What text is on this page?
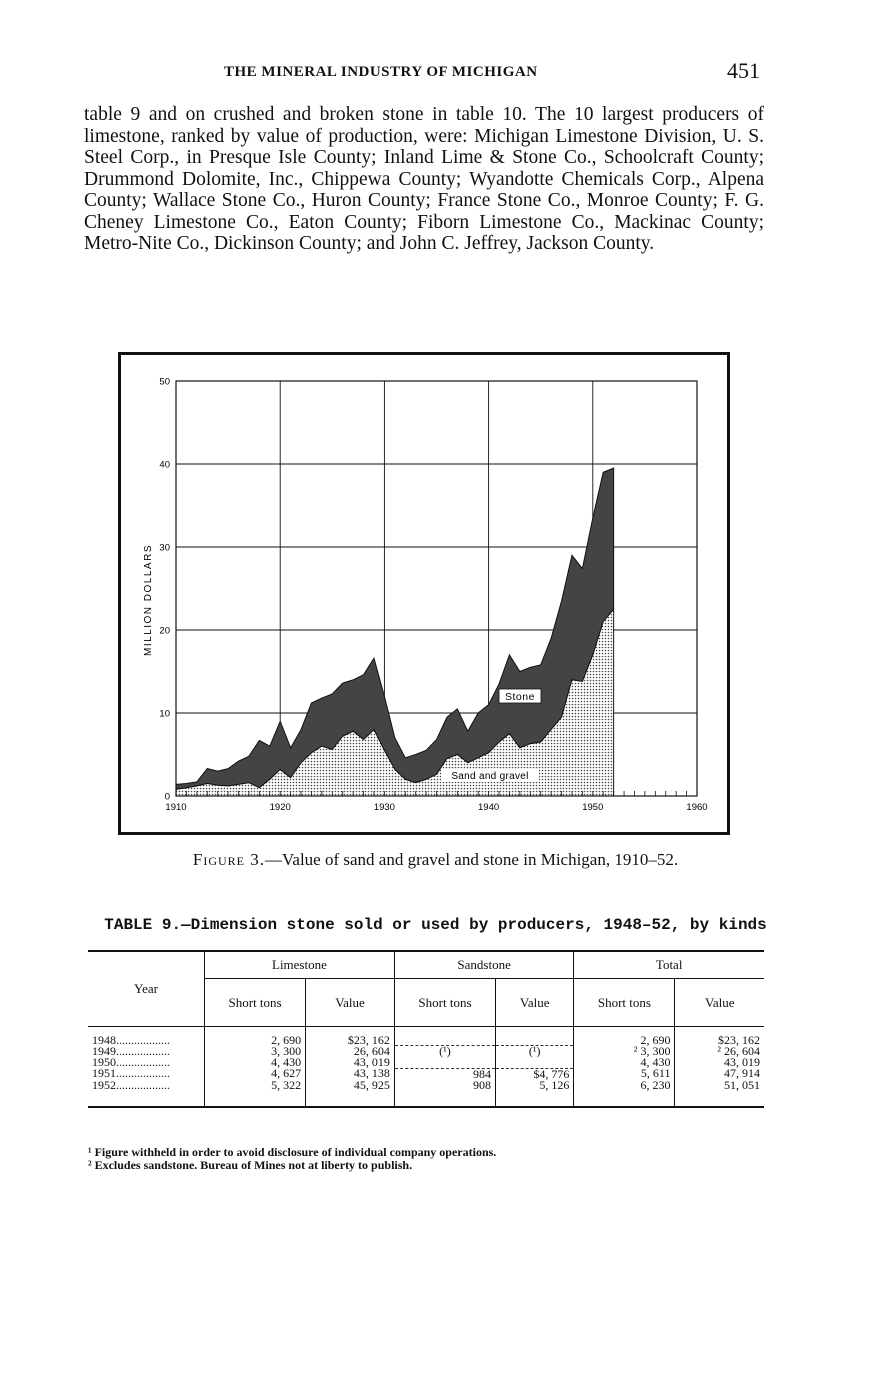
THE MINERAL INDUSTRY OF MICHIGAN	451

table 9 and on crushed and broken stone in table 10. The 10 largest producers of limestone, ranked by value of production, were: Michigan Limestone Division, U. S. Steel Corp., in Presque Isle County; Inland Lime & Stone Co., Schoolcraft County; Drummond Dolomite, Inc., Chippewa County; Wyandotte Chemicals Corp., Alpena County; Wallace Stone Co., Huron County; France Stone Co., Monroe County; F. G. Cheney Limestone Co., Eaton County; Fiborn Limestone Co., Mackinac County; Metro-Nite Co., Dickinson County; and John C. Jeffrey, Jackson County.

0
10
20
30
40
50
1910	1920	1930	1940	1950	1960
MILLION DOLLARS
Stone
Sand and gravel
Figure 3.—Value of sand and gravel and stone in Michigan, 1910–52.
TABLE 9.—Dimension stone sold or used by producers, 1948–52, by kinds
Year	Limestone		Sandstone		Total	
	Short tons	Value	Short tons	Value	Short tons	Value

1948..................	2, 690	$23, 162			2, 690	$23, 162
1949..................	3, 300	26, 604	(¹)	(¹)	² 3, 300	² 26, 604
1950..................	4, 430	43, 019			4, 430	43, 019
1951..................	4, 627	43, 138	984	$4, 776	5, 611	47, 914
1952..................	5, 322	45, 925	908	5, 126	6, 230	51, 051

¹ Figure withheld in order to avoid disclosure of individual company operations.
² Excludes sandstone. Bureau of Mines not at liberty to publish.
